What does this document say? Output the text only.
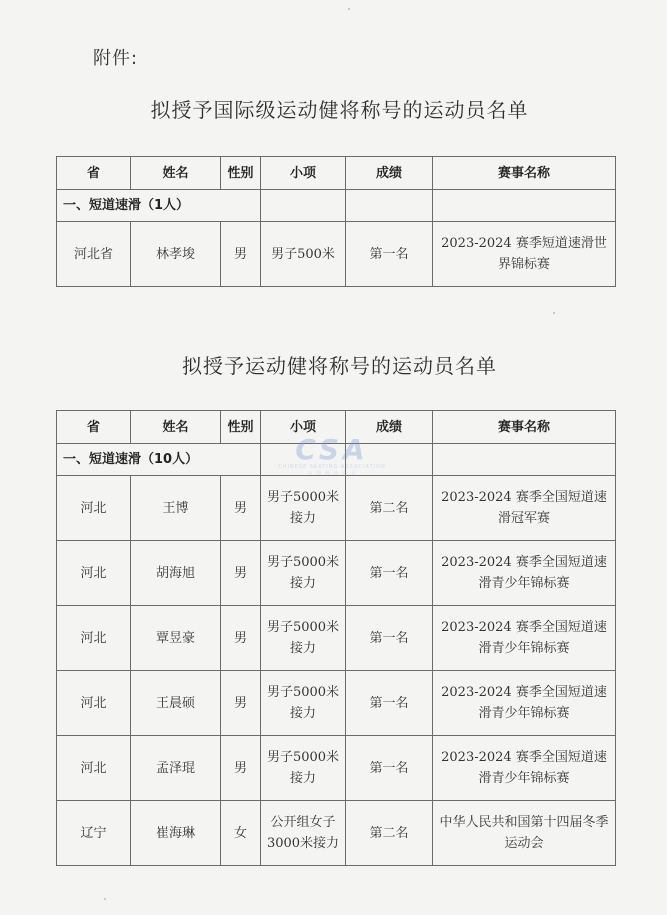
附件:
拟授予国际级运动健将称号的运动员名单
省	姓名	性别	小项	成绩	赛事名称
一、短道速滑（1人）					
河北省	林孝埈	男	男子500米	第一名	2023-2024 赛季短道速滑世界锦标赛
拟授予运动健将称号的运动员名单
省	姓名	性别	小项	成绩	赛事名称
一、短道速滑（10人）					
河北	王博	男	男子5000米接力	第二名	2023-2024 赛季全国短道速滑冠军赛
河北	胡海旭	男	男子5000米接力	第一名	2023-2024 赛季全国短道速滑青少年锦标赛
河北	覃昱豪	男	男子5000米接力	第一名	2023-2024 赛季全国短道速滑青少年锦标赛
河北	王晨硕	男	男子5000米接力	第一名	2023-2024 赛季全国短道速滑青少年锦标赛
河北	孟泽琨	男	男子5000米接力	第一名	2023-2024 赛季全国短道速滑青少年锦标赛
辽宁	崔海琳	女	公开组女子3000米接力	第二名	中华人民共和国第十四届冬季运动会
CSA
CHINESE SKATING ASSOCIATION
中 国 滑 冰 协 会
